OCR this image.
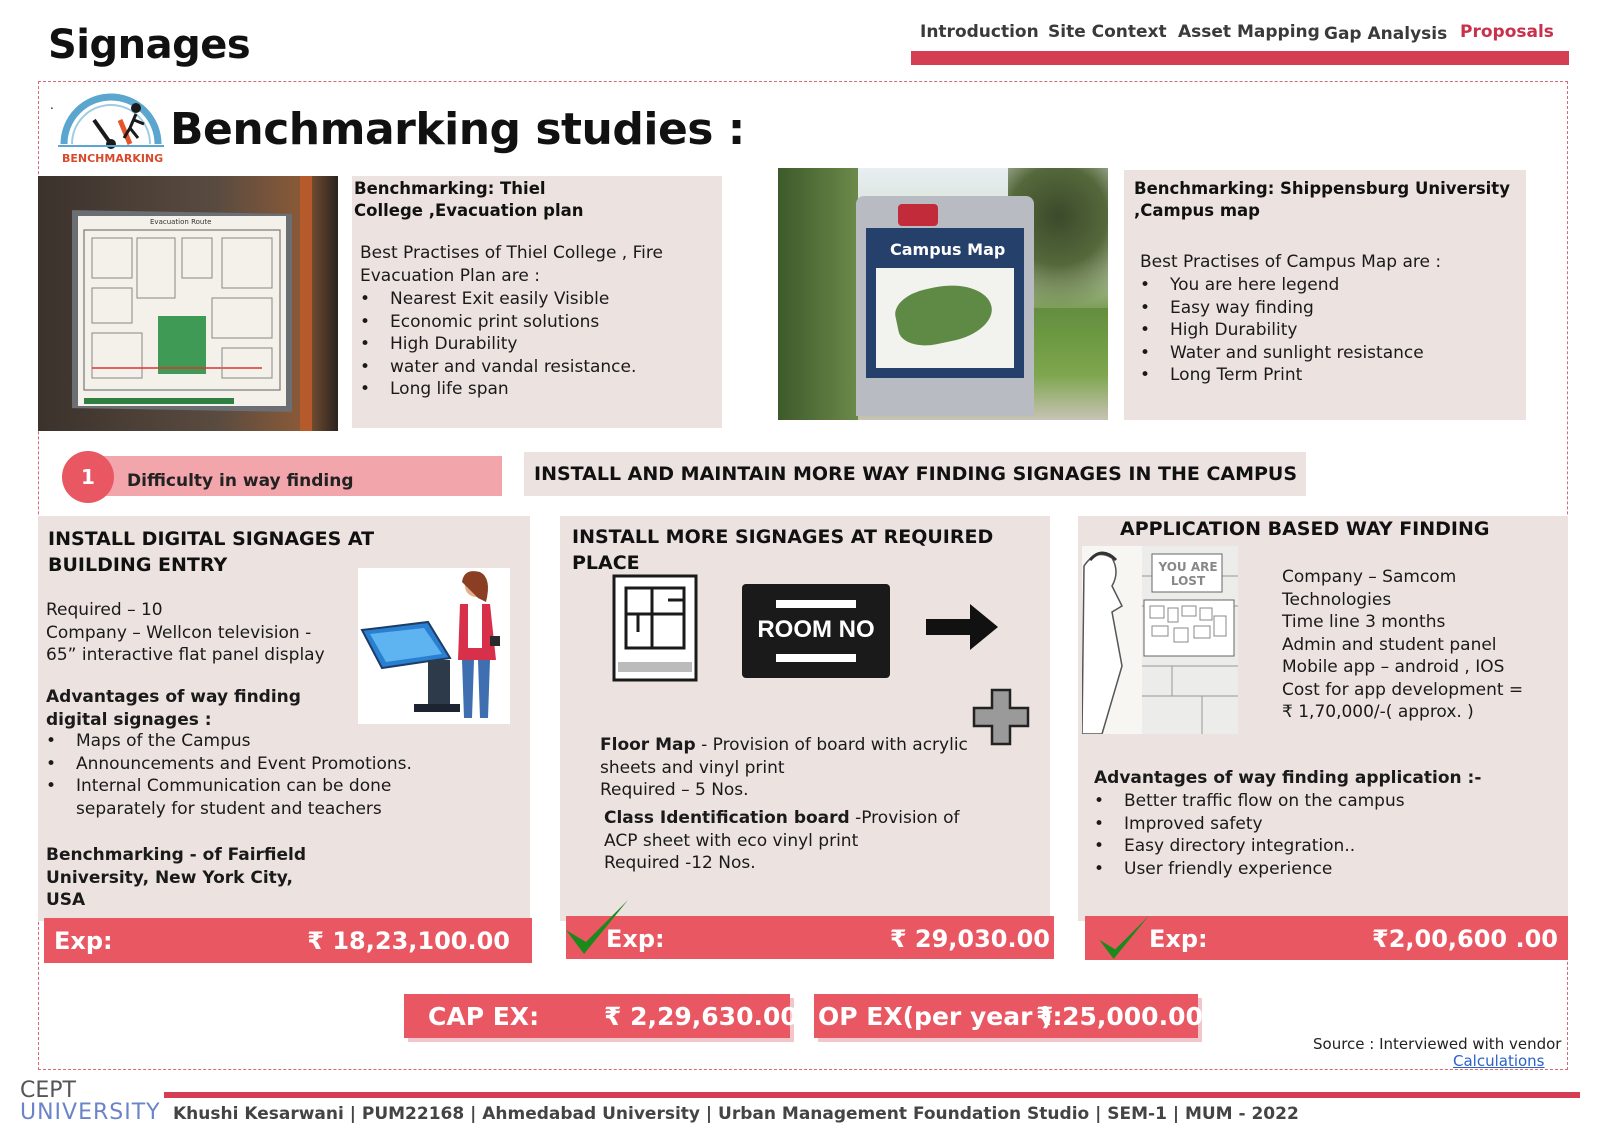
Signages	Introduction Site Context Asset Mapping Gap Analysis Proposals
.
BENCHMARKING
Benchmarking studies :
Evacuation Route
Benchmarking: Thiel College ,Evacuation plan
Best Practises of Thiel College , Fire Evacuation Plan are :
• Nearest Exit easily Visible
• Economic print solutions
• High Durability
• water and vandal resistance.
• Long life span
Campus Map
Benchmarking: Shippensburg University ,Campus map
Best Practises of Campus Map are :
• You are here legend
• Easy way finding
• High Durability
• Water and sunlight resistance
• Long Term Print
1	Difficulty in way finding	INSTALL AND MAINTAIN MORE WAY FINDING SIGNAGES IN THE CAMPUS
INSTALL DIGITAL SIGNAGES AT BUILDING ENTRY
Required – 10
Company – Wellcon television -
65” interactive flat panel display
Advantages of way finding digital signages :
• Maps of the Campus
• Announcements and Event Promotions.
• Internal Communication can be done separately for student and teachers
Benchmarking - of Fairfield University, New York City, USA
Exp:	₹ 18,23,100.00
INSTALL MORE SIGNAGES AT REQUIRED PLACE
ROOM NO
Floor Map - Provision of board with acrylic sheets and vinyl print
Required – 5 Nos.
Class Identification board -Provision of ACP sheet with eco vinyl print
Required -12 Nos.
Exp:	₹ 29,030.00
APPLICATION BASED WAY FINDING
YOU ARE LOST	Company – Samcom Technologies
Time line 3 months
Admin and student panel
Mobile app – android , IOS
Cost for app development = ₹ 1,70,000/-( approx. )
Advantages of way finding application :-
• Better traffic flow on the campus
• Improved safety
• Easy directory integration..
• User friendly experience
Exp:	₹2,00,600 .00
CAP EX:	₹ 2,29,630.00 OP EX(per year ):
₹ 25,000.00
Source : Interviewed with vendor
Calculations
CEPT
UNIVERSITY Khushi Kesarwani | PUM22168 | Ahmedabad University | Urban Management Foundation Studio | SEM-1 | MUM - 2022
